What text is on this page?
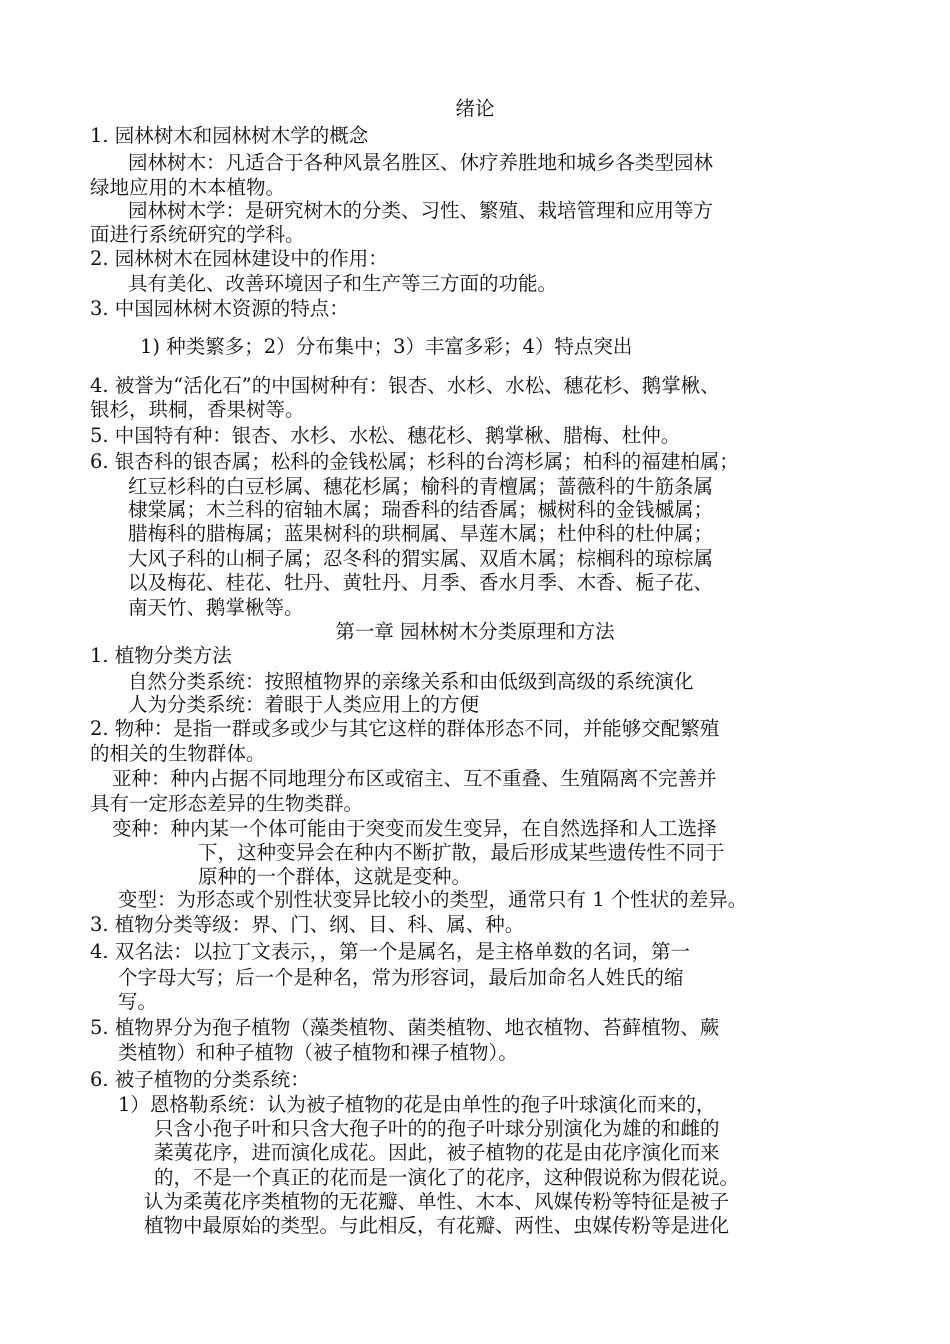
绪论
1. 园林树木和园林树木学的概念
园林树木：凡适合于各种风景名胜区、休疗养胜地和城乡各类型园林
绿地应用的木本植物。
园林树木学：是研究树木的分类、习性、繁殖、栽培管理和应用等方
面进行系统研究的学科。
2. 园林树木在园林建设中的作用：
具有美化、改善环境因子和生产等三方面的功能。
3. 中国园林树木资源的特点：
1) 种类繁多；2）分布集中；3）丰富多彩；4）特点突出
4. 被誉为“活化石”的中国树种有：银杏、水杉、水松、穗花杉、鹅掌楸、
银杉，珙桐，香果树等。
5. 中国特有种：银杏、水杉、水松、穗花杉、鹅掌楸、腊梅、杜仲。
6. 银杏科的银杏属；松科的金钱松属；杉科的台湾杉属；柏科的福建柏属；
红豆杉科的白豆杉属、穗花杉属；榆科的青檀属；蔷薇科的牛筋条属
棣棠属；木兰科的宿轴木属；瑞香科的结香属；槭树科的金钱槭属；
腊梅科的腊梅属；蓝果树科的珙桐属、旱莲木属；杜仲科的杜仲属；
大风子科的山桐子属；忍冬科的猬实属、双盾木属；棕榈科的琼棕属
以及梅花、桂花、牡丹、黄牡丹、月季、香水月季、木香、栀子花、
南天竹、鹅掌楸等。
第一章 园林树木分类原理和方法
1. 植物分类方法
自然分类系统：按照植物界的亲缘关系和由低级到高级的系统演化
人为分类系统：着眼于人类应用上的方便
2. 物种：是指一群或多或少与其它这样的群体形态不同，并能够交配繁殖
的相关的生物群体。
亚种：种内占据不同地理分布区或宿主、互不重叠、生殖隔离不完善并
具有一定形态差异的生物类群。
变种：种内某一个体可能由于突变而发生变异，在自然选择和人工选择
下，这种变异会在种内不断扩散，最后形成某些遗传性不同于
原种的一个群体，这就是变种。
变型：为形态或个别性状变异比较小的类型，通常只有 1 个性状的差异。
3. 植物分类等级：界、门、纲、目、科、属、种。
4. 双名法：以拉丁文表示，，第一个是属名，是主格单数的名词，第一
个字母大写；后一个是种名，常为形容词，最后加命名人姓氏的缩
写。
5. 植物界分为孢子植物（藻类植物、菌类植物、地衣植物、苔藓植物、蕨
类植物）和种子植物（被子植物和裸子植物）。
6. 被子植物的分类系统：
1）恩格勒系统：认为被子植物的花是由单性的孢子叶球演化而来的，
只含小孢子叶和只含大孢子叶的的孢子叶球分别演化为雄的和雌的
葇荑花序，进而演化成花。因此，被子植物的花是由花序演化而来
的，不是一个真正的花而是一演化了的花序，这种假说称为假花说。
认为柔荑花序类植物的无花瓣、单性、木本、风媒传粉等特征是被子
植物中最原始的类型。与此相反，有花瓣、两性、虫媒传粉等是进化
